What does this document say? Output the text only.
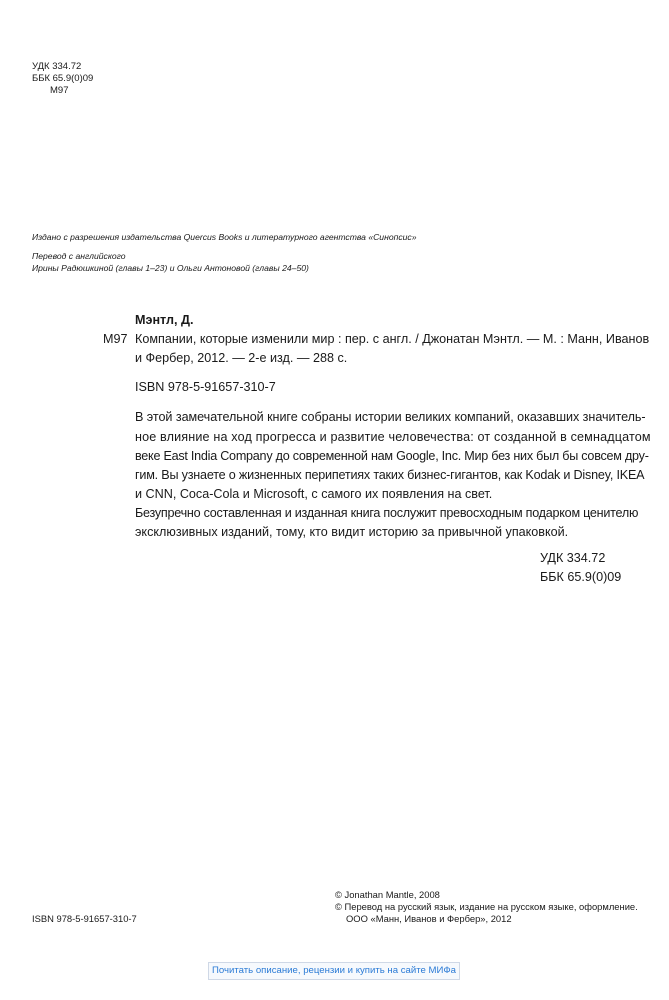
УДК 334.72
ББК 65.9(0)09
М97
Издано с разрешения издательства Quercus Books и литературного агентства «Синопсис»
Перевод с английского
Ирины Радюшкиной (главы 1–23) и Ольги Антоновой (главы 24–50)
Мэнтл, Д.
М97 Компании, которые изменили мир : пер. с англ. / Джонатан Мэнтл. — М. : Манн, Иванов
и Фербер, 2012. — 2-е изд. — 288 с.
ISBN 978-5-91657-310-7
В этой замечательной книге собраны истории великих компаний, оказавших значитель-
ное влияние на ход прогресса и развитие человечества: от созданной в семнадцатом
веке East India Company до современной нам Google, Inc. Мир без них был бы совсем дру-
гим. Вы узнаете о жизненных перипетиях таких бизнес-гигантов, как Kodak и Disney, IKEA
и CNN, Coca-Cola и Microsoft, с самого их появления на свет.
Безупречно составленная и изданная книга послужит превосходным подарком ценителю
эксклюзивных изданий, тому, кто видит историю за привычной упаковкой.
УДК 334.72
ББК 65.9(0)09
© Jonathan Mantle, 2008
© Перевод на русский язык, издание на русском языке, оформление.
ISBN 978-5-91657-310-7	ООО «Манн, Иванов и Фербер», 2012
Почитать описание, рецензии и купить на сайте МИФа
